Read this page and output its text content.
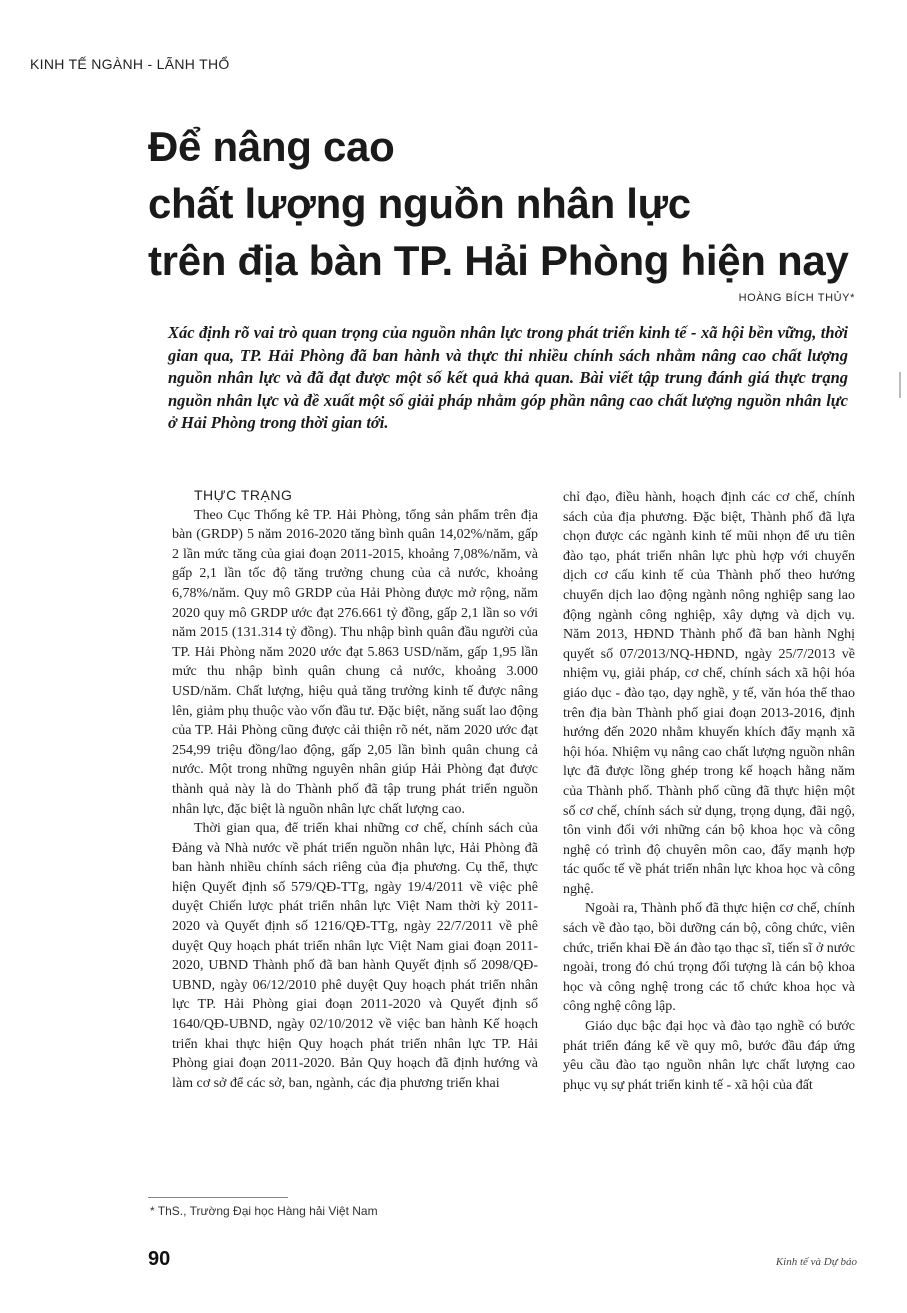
KINH TẾ NGÀNH - LÃNH THỔ
Để nâng cao
chất lượng nguồn nhân lực
trên địa bàn TP. Hải Phòng hiện nay
HOÀNG BÍCH THỦY*
Xác định rõ vai trò quan trọng của nguồn nhân lực trong phát triển kinh tế - xã hội bền vững, thời gian qua, TP. Hải Phòng đã ban hành và thực thi nhiều chính sách nhằm nâng cao chất lượng nguồn nhân lực và đã đạt được một số kết quả khả quan. Bài viết tập trung đánh giá thực trạng nguồn nhân lực và đề xuất một số giải pháp nhằm góp phần nâng cao chất lượng nguồn nhân lực ở Hải Phòng trong thời gian tới.

THỰC TRẠNG

Theo Cục Thống kê TP. Hải Phòng, tổng sản phẩm trên địa bàn (GRDP) 5 năm 2016-2020 tăng bình quân 14,02%/năm, gấp 2 lần mức tăng của giai đoạn 2011-2015, khoảng 7,08%/năm, và gấp 2,1 lần tốc độ tăng trưởng chung của cả nước, khoảng 6,78%/năm. Quy mô GRDP của Hải Phòng được mở rộng, năm 2020 quy mô GRDP ước đạt 276.661 tỷ đồng, gấp 2,1 lần so với năm 2015 (131.314 tỷ đồng). Thu nhập bình quân đầu người của TP. Hải Phòng năm 2020 ước đạt 5.863 USD/năm, gấp 1,95 lần mức thu nhập bình quân chung cả nước, khoảng 3.000 USD/năm. Chất lượng, hiệu quả tăng trưởng kinh tế được nâng lên, giảm phụ thuộc vào vốn đầu tư. Đặc biệt, năng suất lao động của TP. Hải Phòng cũng được cải thiện rõ nét, năm 2020 ước đạt 254,99 triệu đồng/lao động, gấp 2,05 lần bình quân chung cả nước. Một trong những nguyên nhân giúp Hải Phòng đạt được thành quả này là do Thành phố đã tập trung phát triển nguồn nhân lực, đặc biệt là nguồn nhân lực chất lượng cao.

Thời gian qua, để triển khai những cơ chế, chính sách của Đảng và Nhà nước về phát triển nguồn nhân lực, Hải Phòng đã ban hành nhiều chính sách riêng của địa phương. Cụ thể, thực hiện Quyết định số 579/QĐ-TTg, ngày 19/4/2011 về việc phê duyệt Chiến lược phát triển nhân lực Việt Nam thời kỳ 2011-2020 và Quyết định số 1216/QĐ-TTg, ngày 22/7/2011 về phê duyệt Quy hoạch phát triển nhân lực Việt Nam giai đoạn 2011-2020, UBND Thành phố đã ban hành Quyết định số 2098/QĐ-UBND, ngày 06/12/2010 phê duyệt Quy hoạch phát triển nhân lực TP. Hải Phòng giai đoạn 2011-2020 và Quyết định số 1640/QĐ-UBND, ngày 02/10/2012 về việc ban hành Kế hoạch triển khai thực hiện Quy hoạch phát triển nhân lực TP. Hải Phòng giai đoạn 2011-2020. Bản Quy hoạch đã định hướng và làm cơ sở để các sở, ban, ngành, các địa phương triển khai

chỉ đạo, điều hành, hoạch định các cơ chế, chính sách của địa phương. Đặc biệt, Thành phố đã lựa chọn được các ngành kinh tế mũi nhọn để ưu tiên đào tạo, phát triển nhân lực phù hợp với chuyển dịch cơ cấu kinh tế của Thành phố theo hướng chuyển dịch lao động ngành nông nghiệp sang lao động ngành công nghiệp, xây dựng và dịch vụ. Năm 2013, HĐND Thành phố đã ban hành Nghị quyết số 07/2013/NQ-HĐND, ngày 25/7/2013 về nhiệm vụ, giải pháp, cơ chế, chính sách xã hội hóa giáo dục - đào tạo, dạy nghề, y tế, văn hóa thể thao trên địa bàn Thành phố giai đoạn 2013-2016, định hướng đến 2020 nhằm khuyến khích đẩy mạnh xã hội hóa. Nhiệm vụ nâng cao chất lượng nguồn nhân lực đã được lồng ghép trong kế hoạch hằng năm của Thành phố. Thành phố cũng đã thực hiện một số cơ chế, chính sách sử dụng, trọng dụng, đãi ngộ, tôn vinh đối với những cán bộ khoa học và công nghệ có trình độ chuyên môn cao, đẩy mạnh hợp tác quốc tế về phát triển nhân lực khoa học và công nghệ.

Ngoài ra, Thành phố đã thực hiện cơ chế, chính sách về đào tạo, bồi dưỡng cán bộ, công chức, viên chức, triển khai Đề án đào tạo thạc sĩ, tiến sĩ ở nước ngoài, trong đó chú trọng đối tượng là cán bộ khoa học và công nghệ trong các tổ chức khoa học và công nghệ công lập.

Giáo dục bậc đại học và đào tạo nghề có bước phát triển đáng kể về quy mô, bước đầu đáp ứng yêu cầu đào tạo nguồn nhân lực chất lượng cao phục vụ sự phát triển kinh tế - xã hội của đất

* ThS., Trường Đại học Hàng hải Việt Nam
90	Kinh tế và Dự báo
